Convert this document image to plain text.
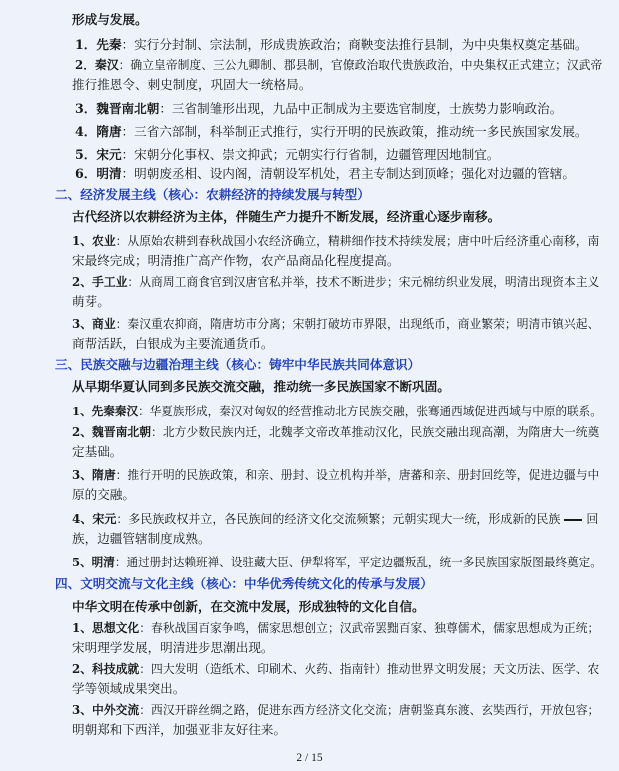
形成与发展。
1．先秦：实行分封制、宗法制，形成贵族政治；商鞅变法推行县制，为中央集权奠定基础。
2．秦汉：确立皇帝制度、三公九卿制、郡县制，官僚政治取代贵族政治，中央集权正式建立；汉武帝
推行推恩令、刺史制度，巩固大一统格局。
3．魏晋南北朝：三省制雏形出现，九品中正制成为主要选官制度，士族势力影响政治。
4．隋唐：三省六部制，科举制正式推行，实行开明的民族政策，推动统一多民族国家发展。
5．宋元：宋朝分化事权、崇文抑武；元朝实行行省制，边疆管理因地制宜。
6．明清：明朝废丞相、设内阁，清朝设军机处，君主专制达到顶峰；强化对边疆的管辖。
二、经济发展主线（核心：农耕经济的持续发展与转型）
古代经济以农耕经济为主体，伴随生产力提升不断发展，经济重心逐步南移。
1、农业：从原始农耕到春秋战国小农经济确立，精耕细作技术持续发展；唐中叶后经济重心南移，南
宋最终完成；明清推广高产作物，农产品商品化程度提高。
2、手工业：从商周工商食官到汉唐官私并举，技术不断进步；宋元棉纺织业发展，明清出现资本主义
萌芽。
3、商业：秦汉重农抑商，隋唐坊市分离；宋朝打破坊市界限，出现纸币，商业繁荣；明清市镇兴起、
商帮活跃，白银成为主要流通货币。
三、民族交融与边疆治理主线（核心：铸牢中华民族共同体意识）
从早期华夏认同到多民族交流交融，推动统一多民族国家不断巩固。
1、先秦秦汉：华夏族形成，秦汉对匈奴的经营推动北方民族交融，张骞通西域促进西域与中原的联系。
2、魏晋南北朝：北方少数民族内迁，北魏孝文帝改革推动汉化，民族交融出现高潮，为隋唐大一统奠
定基础。
3、隋唐：推行开明的民族政策，和亲、册封、设立机构并举，唐蕃和亲、册封回纥等，促进边疆与中
原的交融。
4、宋元：多民族政权并立，各民族间的经济文化交流频繁；元朝实现大一统，形成新的民族 回
族，边疆管辖制度成熟。
5、明清：通过册封达赖班禅、设驻藏大臣、伊犁将军，平定边疆叛乱，统一多民族国家版图最终奠定。
四、文明交流与文化主线（核心：中华优秀传统文化的传承与发展）
中华文明在传承中创新，在交流中发展，形成独特的文化自信。
1、思想文化：春秋战国百家争鸣，儒家思想创立；汉武帝罢黜百家、独尊儒术，儒家思想成为正统；
宋明理学发展，明清进步思潮出现。
2、科技成就：四大发明（造纸术、印刷术、火药、指南针）推动世界文明发展；天文历法、医学、农
学等领域成果突出。
3、中外交流：西汉开辟丝绸之路，促进东西方经济文化交流；唐朝鉴真东渡、玄奘西行，开放包容；
明朝郑和下西洋，加强亚非友好往来。
2 / 15
